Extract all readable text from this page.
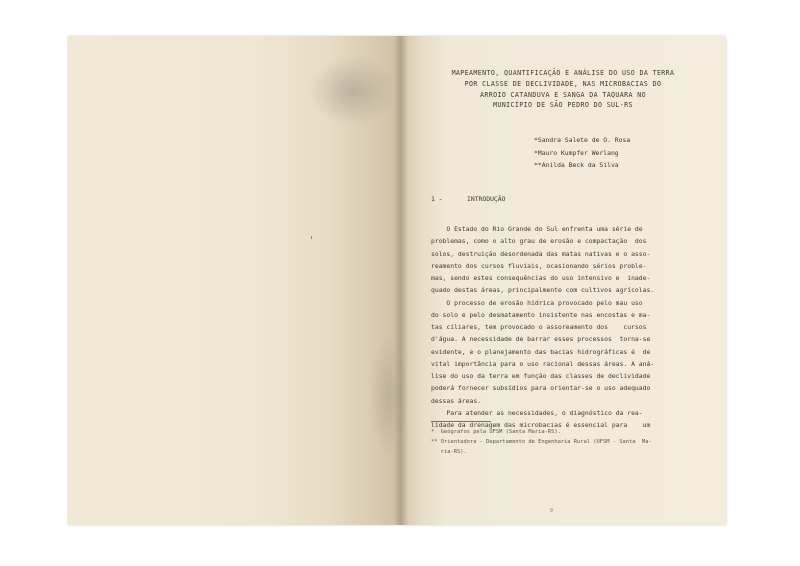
MAPEAMENTO, QUANTIFICAÇÃO E ANÁLISE DO USO DA TERRA
POR CLASSE DE DECLIVIDADE, NAS MICROBACIAS DO
ARROIO CATANDUVA E SANGA DA TAQUARA NO
MUNICÍPIO DE SÃO PEDRO DO SUL-RS
*Sandra Salete de O. Rosa
*Mauro Kumpfer Werlang
**Anilda Beck da Silva
1 -	INTRODUÇÃO
O Estado do Rio Grande do Sul enfrenta uma série de
problemas, como o alto grau de erosão e compactação  dos
solos, destruição desordenada das matas nativas e o asso-
reamento dos cursos fluviais, ocasionando sérios proble-
mas, sendo estes consequências do uso intensivo e  inade-
quado destas áreas, principalmente com cultivos agrícolas.
O processo de erosão hídrica provocado pelo mau uso
do solo e pelo desmatamento insistente nas encostas e ma-
tas ciliares, tem provocado o assoreamento dos    cursos
d'água. A necessidade de barrar esses processos  torna-se
evidente, e o planejamento das bacias hidrográficas é  de
vital importância para o uso racional dessas áreas. A aná-
lise do uso da terra em função das classes de declividade
poderá fornecer subsídios para orientar-se o uso adequado
dessas áreas.
Para atender as necessidades, o diagnóstico da rea-
lidade da drenagem das microbacias é essencial para    um
*  Geógrafos pela UFSM (Santa Maria-RS).
** Orientadora - Departamento de Engenharia Rural (UFSM - Santa  Ma-
ria-RS).
9
